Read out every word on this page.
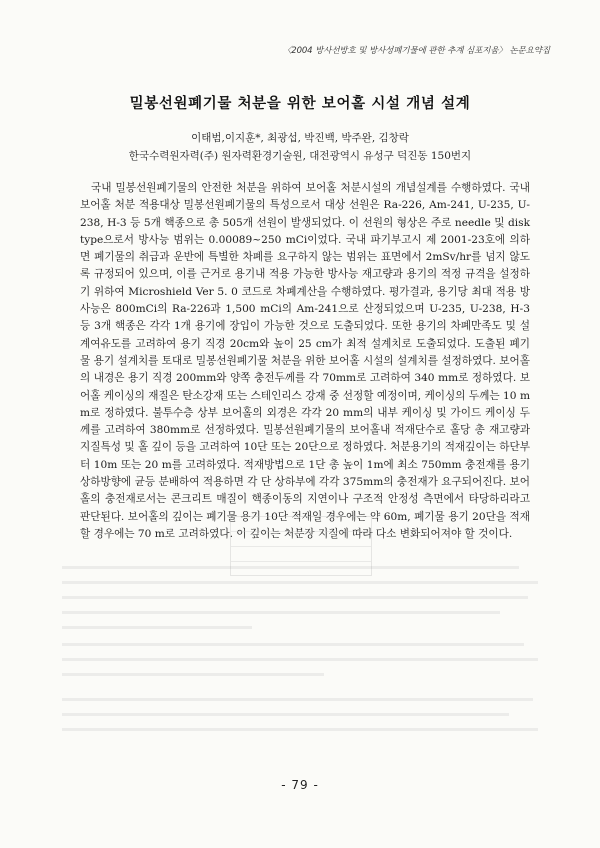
〈2004 방사선방호 및 방사성폐기물에 관한 추계 심포지움〉 논문요약집
밀봉선원폐기물 처분을 위한 보어홀 시설 개념 설계
이태범,이지훈*, 최광섭, 박진백, 박주완, 김창락
한국수력원자력(주) 원자력환경기술원, 대전광역시 유성구 덕진동 150번지
국내 밀봉선원폐기물의 안전한 처분을 위하여 보어홀 처분시설의 개념설계를 수행하였다. 국내 보어홀 처분 적용대상 밀봉선원폐기물의 특성으로서 대상 선원은 Ra-226, Am-241, U-235, U-238, H-3 등 5개 핵종으로 총 505개 선원이 발생되었다. 이 선원의 형상은 주로 needle 및 disk type으로서 방사능 범위는 0.00089~250 mCi이었다. 국내 파기부고시 제 2001-23호에 의하면 폐기물의 취급과 운반에 특별한 차폐를 요구하지 않는 범위는 표면에서 2mSv/hr를 넘지 않도록 규정되어 있으며, 이를 근거로 용기내 적용 가능한 방사능 재고량과 용기의 적정 규격을 설정하기 위하여 Microshield Ver 5. 0 코드로 차폐계산을 수행하였다. 평가결과, 용기당 최대 적용 방사능은 800mCi의 Ra-226과 1,500 mCi의 Am-241으로 산정되었으며 U-235, U-238, H-3 등 3개 핵종은 각각 1개 용기에 장입이 가능한 것으로 도출되었다. 또한 용기의 차폐만족도 및 설계여유도를 고려하여 용기 직경 20cm와 높이 25 cm가 최적 설계치로 도출되었다. 도출된 폐기물 용기 설계치를 토대로 밀봉선원폐기물 처분을 위한 보어홀 시설의 설계치를 설정하였다. 보어홀의 내경은 용기 직경 200mm와 양쪽 충전두께를 각 70mm로 고려하여 340 mm로 정하였다. 보어홀 케이싱의 재질은 탄소강재 또는 스테인리스 강재 중 선정할 예정이며, 케이싱의 두께는 10 mm로 정하였다. 불투수층 상부 보어홀의 외경은 각각 20 mm의 내부 케이싱 및 가이드 케이싱 두께를 고려하여 380mm로 선정하였다. 밀봉선원폐기물의 보어홀내 적재단수로 홀당 총 재고량과 지질특성 및 홀 깊이 등을 고려하여 10단 또는 20단으로 정하였다. 처분용기의 적재깊이는 하단부터 10m 또는 20 m를 고려하였다. 적재방법으로 1단 총 높이 1m에 최소 750mm 충전재를 용기 상하방향에 균등 분배하여 적용하면 각 단 상하부에 각각 375mm의 충전재가 요구되어진다. 보어홀의 충전재로서는 콘크리트 매질이 핵종이동의 지연이나 구조적 안정성 측면에서 타당하리라고 판단된다. 보어홀의 깊이는 폐기물 용기 10단 적재일 경우에는 약 60m, 폐기물 용기 20단을 적재할 경우에는 70 m로 고려하였다. 이 깊이는 처분장 지질에 따라 다소 변화되어져야 할 것이다.
- 79 -
